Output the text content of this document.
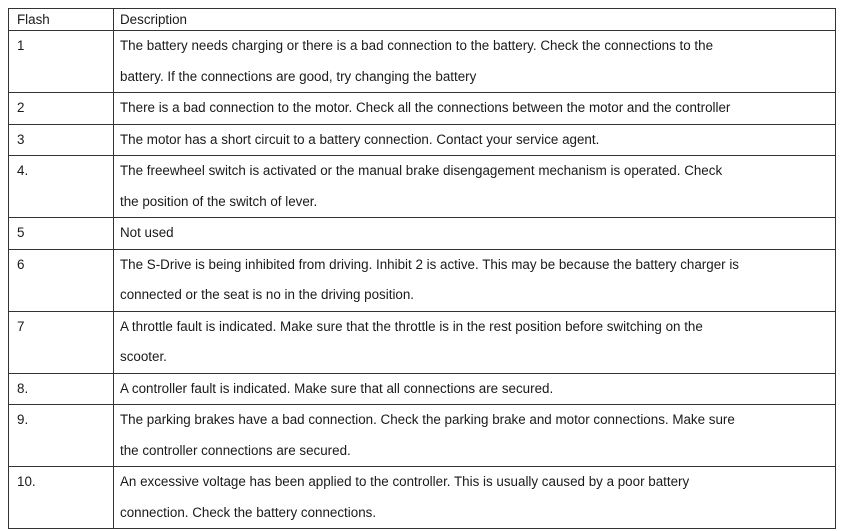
Flash	Description
1	The battery needs charging or there is a bad connection to the battery. Check the connections to the
battery. If the connections are good, try changing the battery

2	There is a bad connection to the motor. Check all the connections between the motor and the controller

3	The motor has a short circuit to a battery connection. Contact your service agent.

4.	The freewheel switch is activated or the manual brake disengagement mechanism is operated. Check
the position of the switch of lever.

5	Not used

6	The S-Drive is being inhibited from driving. Inhibit 2 is active. This may be because the battery charger is
connected or the seat is no in the driving position.

7	A throttle fault is indicated. Make sure that the throttle is in the rest position before switching on the
scooter.

8.	A controller fault is indicated. Make sure that all connections are secured.

9.	The parking brakes have a bad connection. Check the parking brake and motor connections. Make sure
the controller connections are secured.

10.	An excessive voltage has been applied to the controller. This is usually caused by a poor battery
connection. Check the battery connections.
